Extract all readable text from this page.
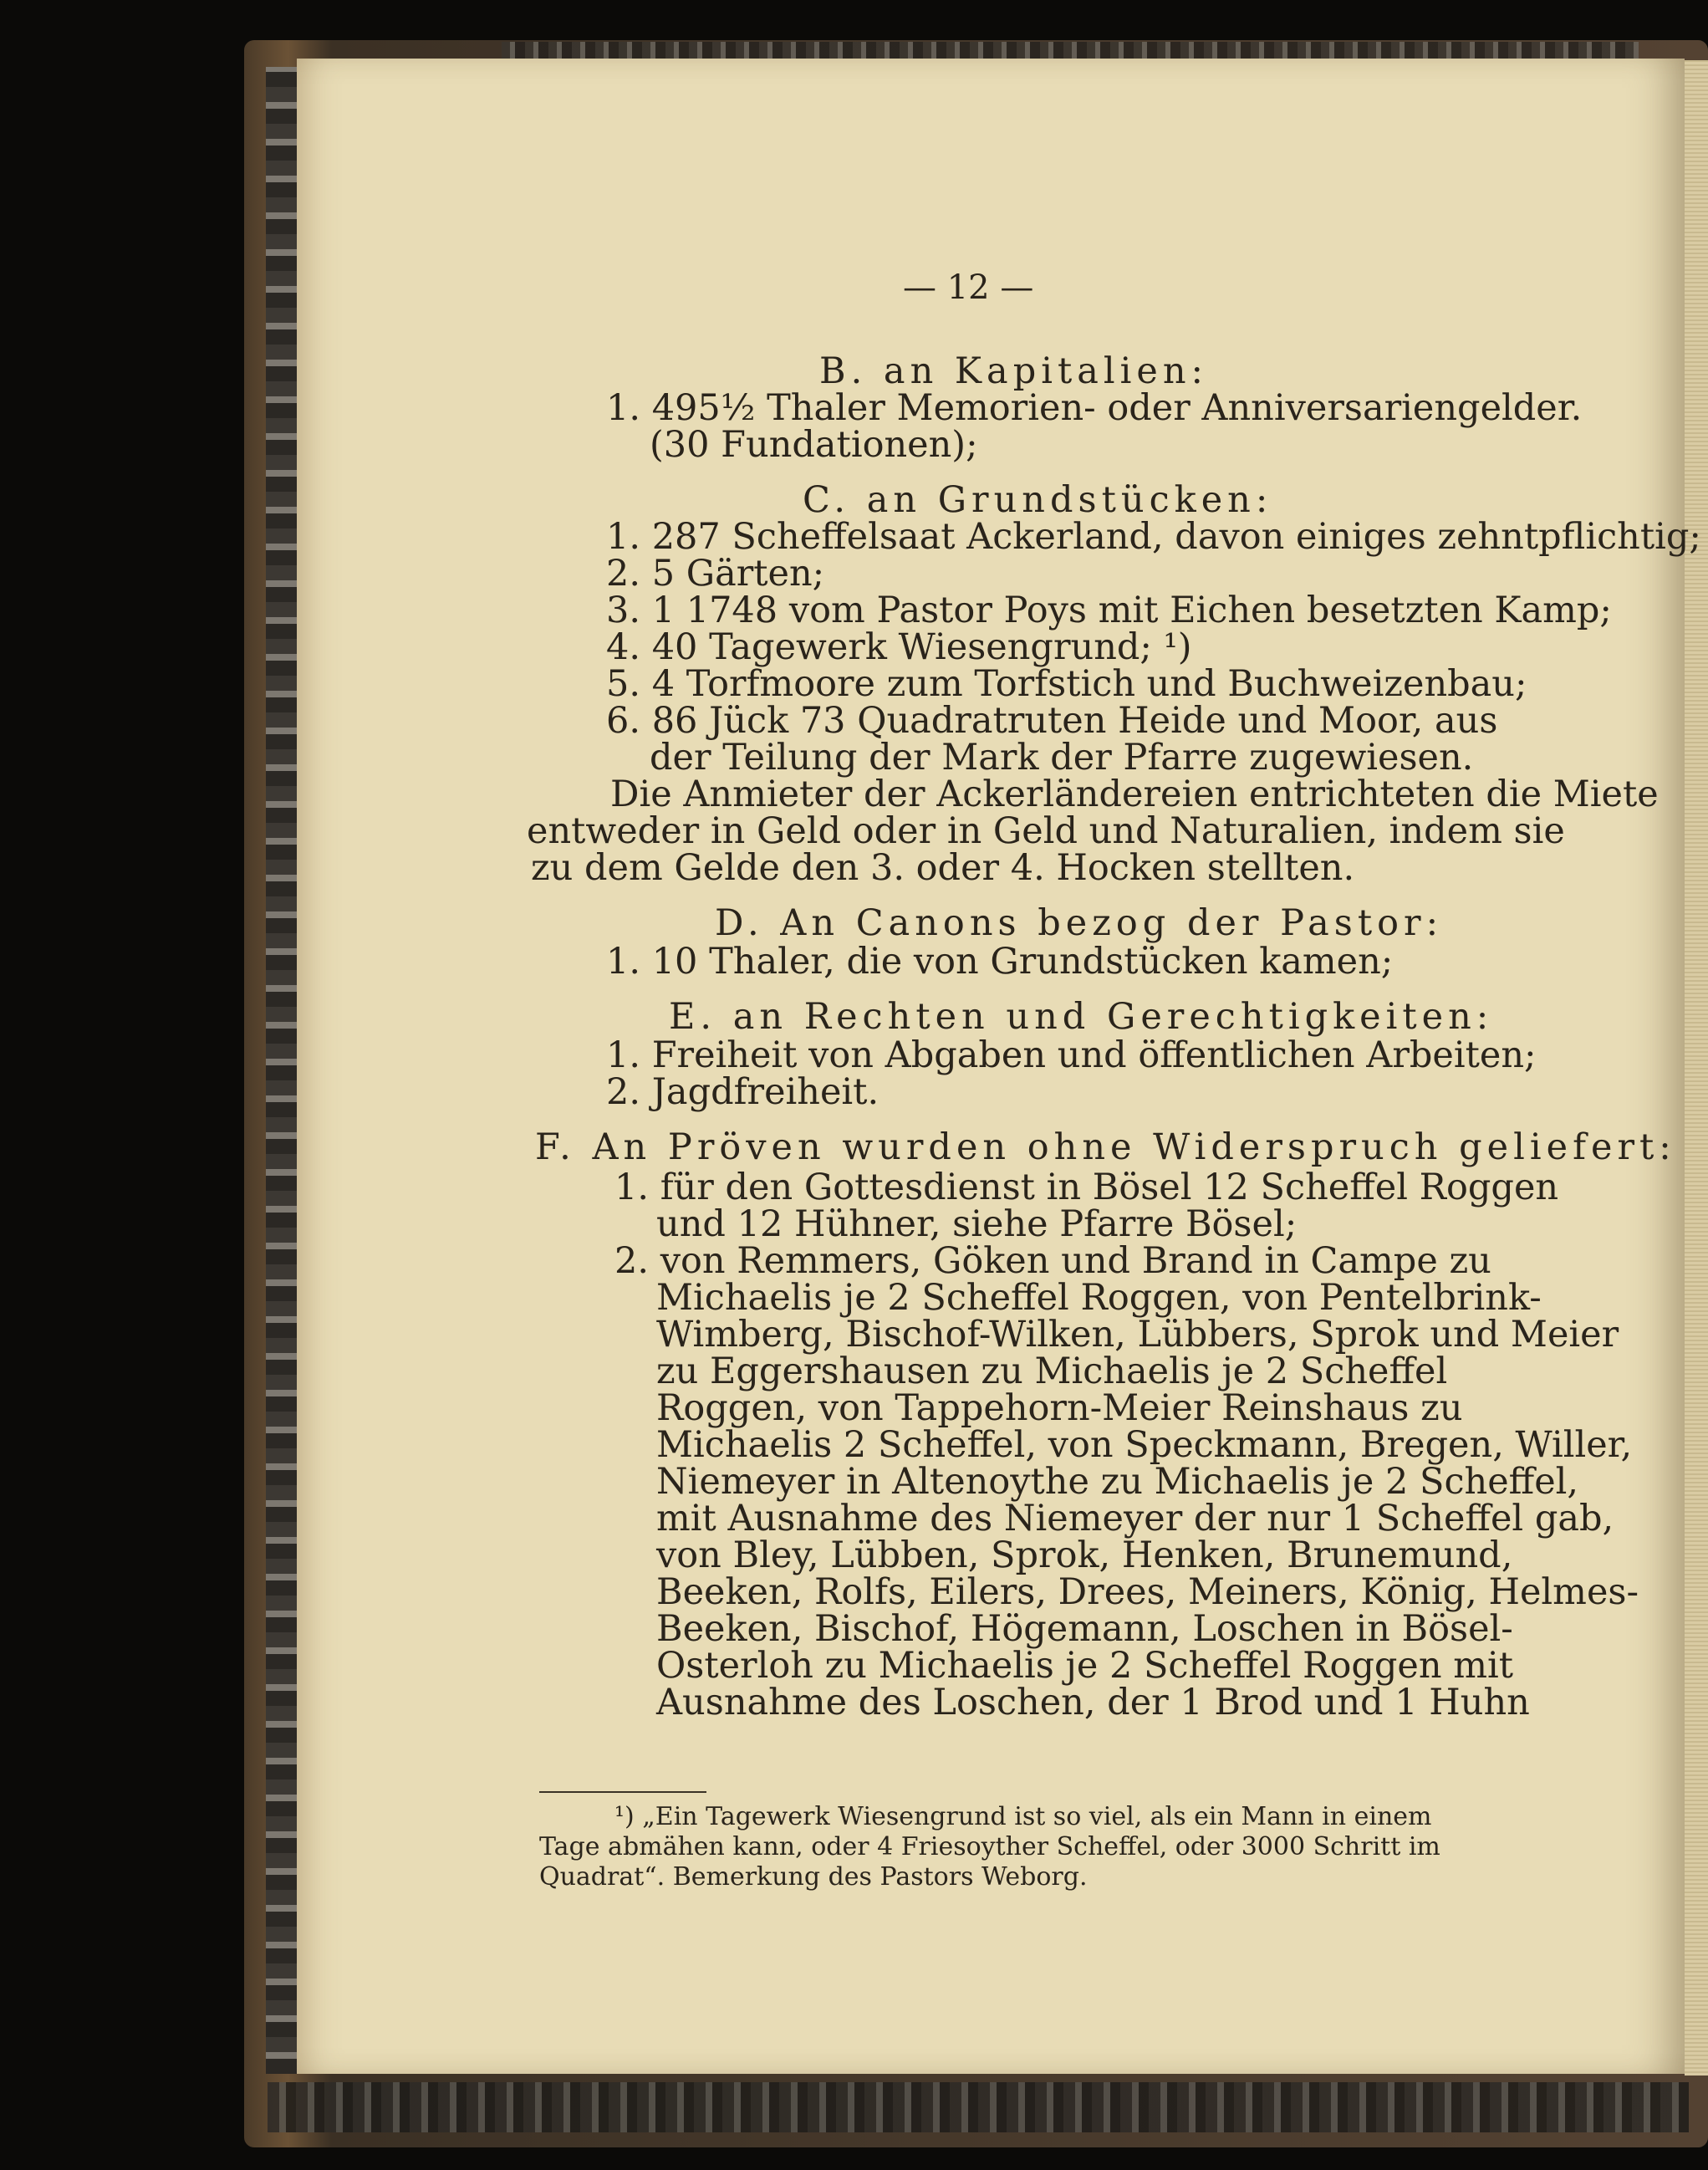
— 12 —
B. an Kapitalien:
1. 495½ Thaler Memorien- oder Anniversariengelder.
(30 Fundationen);
C. an Grundstücken:
1. 287 Scheffelsaat Ackerland, davon einiges zehntpflichtig;
2. 5 Gärten;
3. 1 1748 vom Pastor Poys mit Eichen besetzten Kamp;
4. 40 Tagewerk Wiesengrund; ¹)
5. 4 Torfmoore zum Torfstich und Buchweizenbau;
6. 86 Jück 73 Quadratruten Heide und Moor, aus
der Teilung der Mark der Pfarre zugewiesen.
Die Anmieter der Ackerländereien entrichteten die Miete
entweder in Geld oder in Geld und Naturalien, indem sie
zu dem Gelde den 3. oder 4. Hocken stellten.
D. An Canons bezog der Pastor:
1. 10 Thaler, die von Grundstücken kamen;
E. an Rechten und Gerechtigkeiten:
1. Freiheit von Abgaben und öffentlichen Arbeiten;
2. Jagdfreiheit.
F. An Pröven wurden ohne Widerspruch geliefert:
1. für den Gottesdienst in Bösel 12 Scheffel Roggen
und 12 Hühner, siehe Pfarre Bösel;
2. von Remmers, Göken und Brand in Campe zu
Michaelis je 2 Scheffel Roggen, von Pentelbrink-
Wimberg, Bischof-Wilken, Lübbers, Sprok und Meier
zu Eggershausen zu Michaelis je 2 Scheffel
Roggen, von Tappehorn-Meier Reinshaus zu
Michaelis 2 Scheffel, von Speckmann, Bregen, Willer,
Niemeyer in Altenoythe zu Michaelis je 2 Scheffel,
mit Ausnahme des Niemeyer der nur 1 Scheffel gab,
von Bley, Lübben, Sprok, Henken, Brunemund,
Beeken, Rolfs, Eilers, Drees, Meiners, König, Helmes-
Beeken, Bischof, Högemann, Loschen in Bösel-
Osterloh zu Michaelis je 2 Scheffel Roggen mit
Ausnahme des Loschen, der 1 Brod und 1 Huhn
¹) „Ein Tagewerk Wiesengrund ist so viel, als ein Mann in einem
Tage abmähen kann, oder 4 Friesoyther Scheffel, oder 3000 Schritt im
Quadrat“. Bemerkung des Pastors Weborg.
